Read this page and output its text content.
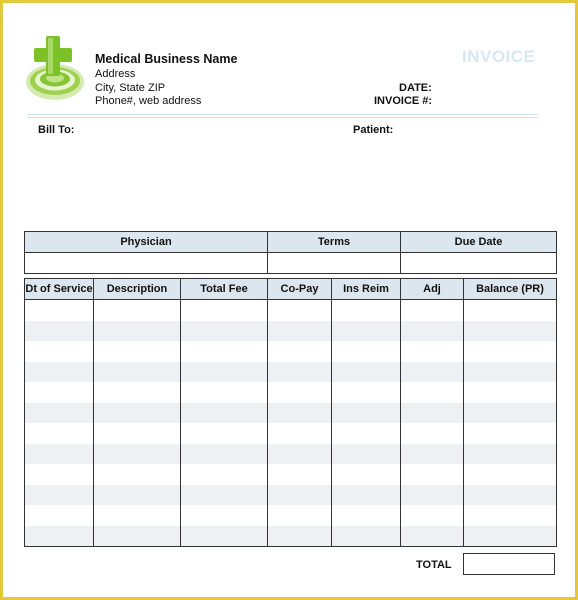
Medical Business Name
Address
City, State ZIP
Phone#, web address
INVOICE
DATE:
INVOICE #:
Bill To:	Patient:
Physician	Terms	Due Date

Dt of Service	Description	Total Fee	Co-Pay	Ins Reim	Adj	Balance (PR)

TOTAL
